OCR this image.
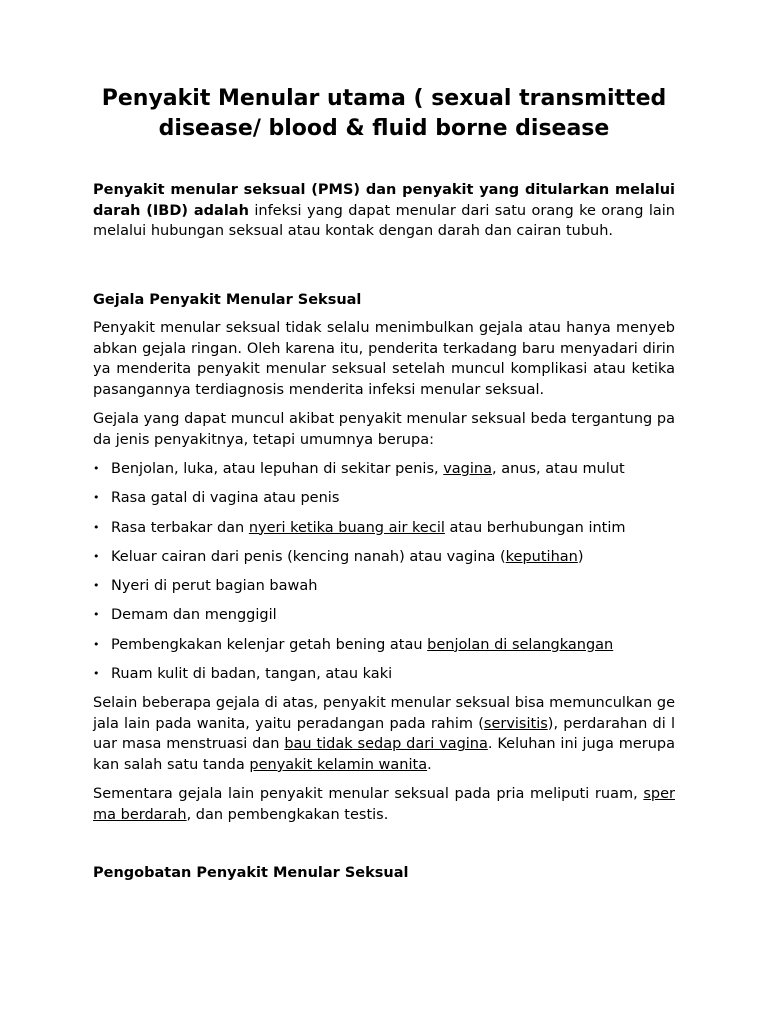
Penyakit Menular utama ( sexual transmitted disease/ blood & fluid borne disease

Penyakit menular seksual (PMS) dan penyakit yang ditularkan melalui darah (IBD) adalah infeksi yang dapat menular dari satu orang ke orang lain melalui hubungan seksual atau kontak dengan darah dan cairan tubuh.

Gejala Penyakit Menular Seksual

Penyakit menular seksual tidak selalu menimbulkan gejala atau hanya menyebabkan gejala ringan. Oleh karena itu, penderita terkadang baru menyadari dirinya menderita penyakit menular seksual setelah muncul komplikasi atau ketika pasangannya terdiagnosis menderita infeksi menular seksual.

Gejala yang dapat muncul akibat penyakit menular seksual beda tergantung pada jenis penyakitnya, tetapi umumnya berupa:

• Benjolan, luka, atau lepuhan di sekitar penis, vagina, anus, atau mulut
• Rasa gatal di vagina atau penis
• Rasa terbakar dan nyeri ketika buang air kecil atau berhubungan intim
• Keluar cairan dari penis (kencing nanah) atau vagina (keputihan)
• Nyeri di perut bagian bawah
• Demam dan menggigil
• Pembengkakan kelenjar getah bening atau benjolan di selangkangan
• Ruam kulit di badan, tangan, atau kaki

Selain beberapa gejala di atas, penyakit menular seksual bisa memunculkan gejala lain pada wanita, yaitu peradangan pada rahim (servisitis), perdarahan di luar masa menstruasi dan bau tidak sedap dari vagina. Keluhan ini juga merupakan salah satu tanda penyakit kelamin wanita.

Sementara gejala lain penyakit menular seksual pada pria meliputi ruam, sperma berdarah, dan pembengkakan testis.

Pengobatan Penyakit Menular Seksual
